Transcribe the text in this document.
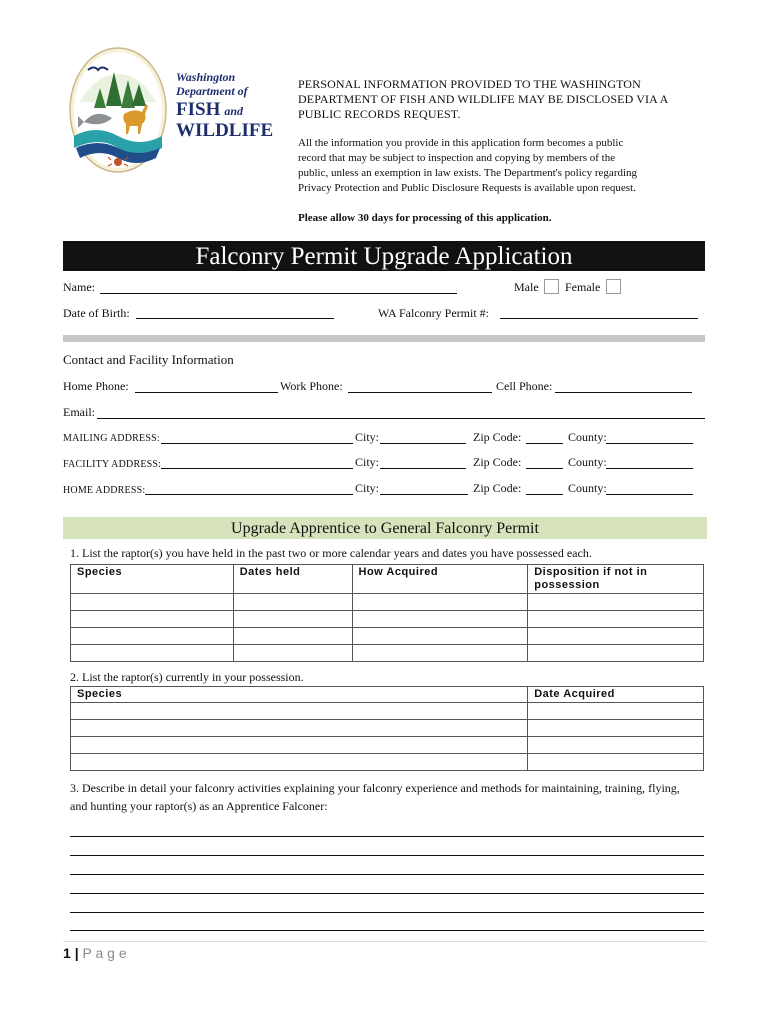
Washington
Department of
FISH and
WILDLIFE
PERSONAL INFORMATION PROVIDED TO THE WASHINGTON DEPARTMENT OF FISH AND WILDLIFE MAY BE DISCLOSED VIA A PUBLIC RECORDS REQUEST.
All the information you provide in this application form becomes a public record that may be subject to inspection and copying by members of the public, unless an exemption in law exists. The Department's policy regarding Privacy Protection and Public Disclosure Requests is available upon request.
Please allow 30 days for processing of this application.
Falconry Permit Upgrade Application
Name:	Male Female
Date of Birth:	WA Falconry Permit #:
Contact and Facility Information
Home Phone:	Work Phone:	Cell Phone:
Email:
MAILING ADDRESS:	City:	Zip Code:	County:
FACILITY ADDRESS:	City:	Zip Code:	County:
HOME ADDRESS:	City:	Zip Code:	County:
Upgrade Apprentice to General Falconry Permit
1. List the raptor(s) you have held in the past two or more calendar years and dates you have possessed each.
Species	Dates held	How Acquired	Disposition if not in possession

2. List the raptor(s) currently in your possession.
Species	Date Acquired

3. Describe in detail your falconry activities explaining your falconry experience and methods for maintaining, training, flying, and hunting your raptor(s) as an Apprentice Falconer:
1 | P a g e
